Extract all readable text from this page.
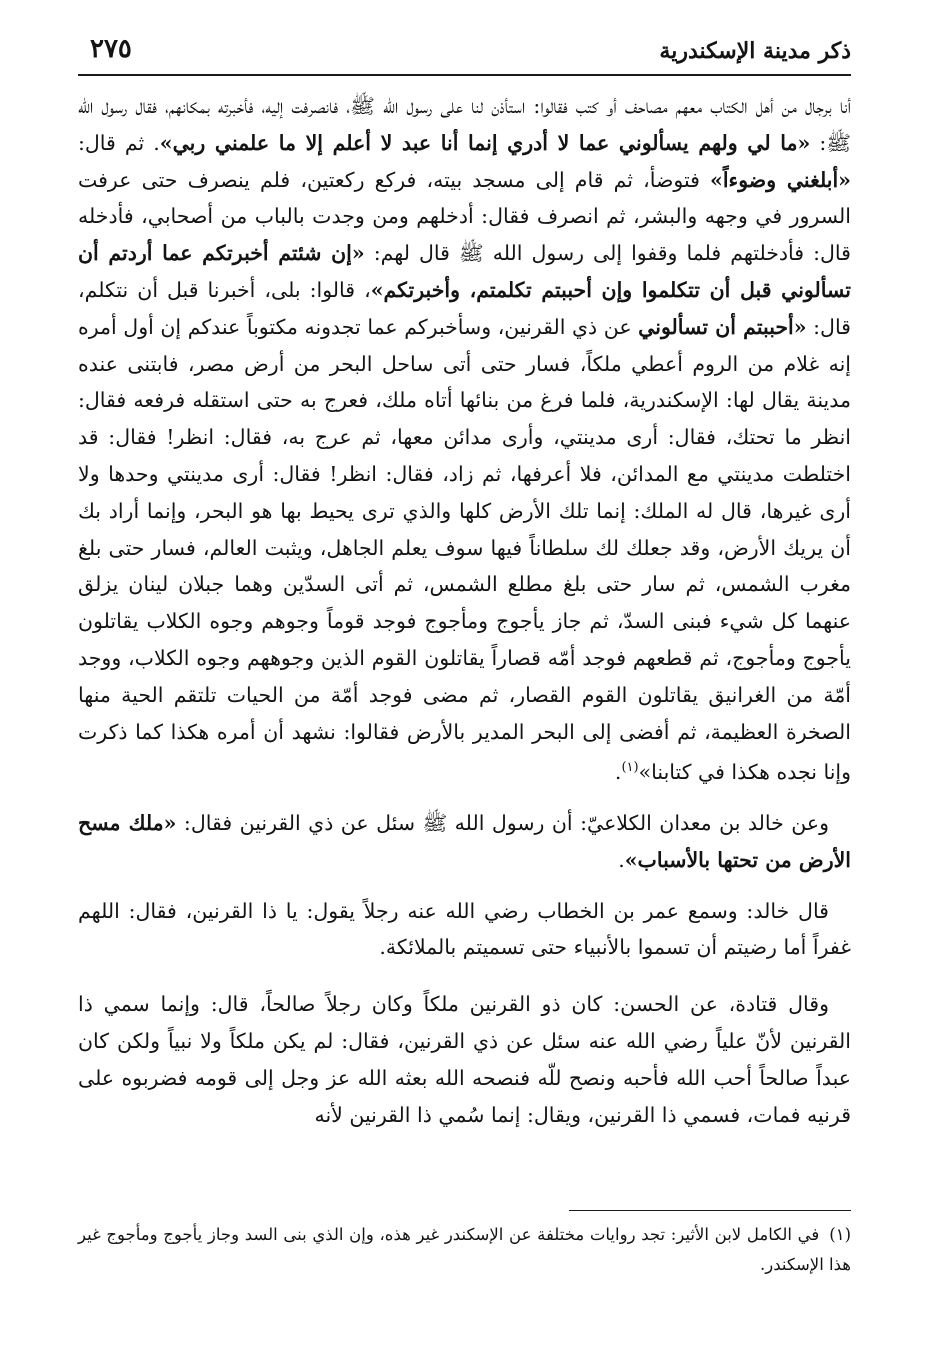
ذكر مدينة الإسكندرية
٢٧٥

أنا برجال من أهل الكتاب معهم مصاحف أو كتب فقالوا: استأذن لنا على رسول الله ﷺ، فانصرفت إليه، فأخبرته بمكانهم، فقال رسول الله ﷺ: «ما لي ولهم يسألوني عما لا أدري إنما أنا عبد لا أعلم إلا ما علمني ربي». ثم قال: «أبلغني وضوءاً» فتوضأ، ثم قام إلى مسجد بيته، فركع ركعتين، فلم ينصرف حتى عرفت السرور في وجهه والبشر، ثم انصرف فقال: أدخلهم ومن وجدت بالباب من أصحابي، فأدخله قال: فأدخلتهم فلما وقفوا إلى رسول الله ﷺ قال لهم: «إن شئتم أخبرتكم عما أردتم أن تسألوني قبل أن تتكلموا وإن أحببتم تكلمتم، وأخبرتكم»، قالوا: بلى، أخبرنا قبل أن نتكلم، قال: «أحببتم أن تسألوني عن ذي القرنين، وسأخبركم عما تجدونه مكتوباً عندكم إن أول أمره إنه غلام من الروم أعطي ملكاً، فسار حتى أتى ساحل البحر من أرض مصر، فابتنى عنده مدينة يقال لها: الإسكندرية، فلما فرغ من بنائها أتاه ملك، فعرج به حتى استقله فرفعه فقال: انظر ما تحتك، فقال: أرى مدينتي، وأرى مدائن معها، ثم عرج به، فقال: انظر! فقال: قد اختلطت مدينتي مع المدائن، فلا أعرفها، ثم زاد، فقال: انظر! فقال: أرى مدينتي وحدها ولا أرى غيرها، قال له الملك: إنما تلك الأرض كلها والذي ترى يحيط بها هو البحر، وإنما أراد بك أن يريك الأرض، وقد جعلك لك سلطاناً فيها سوف يعلم الجاهل، ويثبت العالم، فسار حتى بلغ مغرب الشمس، ثم سار حتى بلغ مطلع الشمس، ثم أتى السدّين وهما جبلان لينان يزلق عنهما كل شيء فبنى السدّ، ثم جاز يأجوج ومأجوج فوجد قوماً وجوهم وجوه الكلاب يقاتلون يأجوج ومأجوج، ثم قطعهم فوجد أمّه قصاراً يقاتلون القوم الذين وجوههم وجوه الكلاب، ووجد أمّة من الغرانيق يقاتلون القوم القصار، ثم مضى فوجد أمّة من الحيات تلتقم الحية منها الصخرة العظيمة، ثم أفضى إلى البحر المدير بالأرض فقالوا: نشهد أن أمره هكذا كما ذكرت وإنا نجده هكذا في كتابنا»$^{(١)}$.

وعن خالد بن معدان الكلاعيّ: أن رسول الله ﷺ سئل عن ذي القرنين فقال: «ملك مسح الأرض من تحتها بالأسباب».

قال خالد: وسمع عمر بن الخطاب رضي الله عنه رجلاً يقول: يا ذا القرنين، فقال: اللهم غفراً أما رضيتم أن تسموا بالأنبياء حتى تسميتم بالملائكة.

وقال قتادة، عن الحسن: كان ذو القرنين ملكاً وكان رجلاً صالحاً، قال: وإنما سمي ذا القرنين لأنّ علياً رضي الله عنه سئل عن ذي القرنين، فقال: لم يكن ملكاً ولا نبياً ولكن كان عبداً صالحاً أحب الله فأحبه ونصح للّه فنصحه الله بعثه الله عز وجل إلى قومه فضربوه على قرنيه فمات، فسمي ذا القرنين، ويقال: إنما سُمي ذا القرنين لأنه

(١)في الكامل لابن الأثير: تجد روايات مختلفة عن الإسكندر غير هذه، وإن الذي بنى السد وجاز يأجوج ومأجوج غير هذا الإسكندر.
